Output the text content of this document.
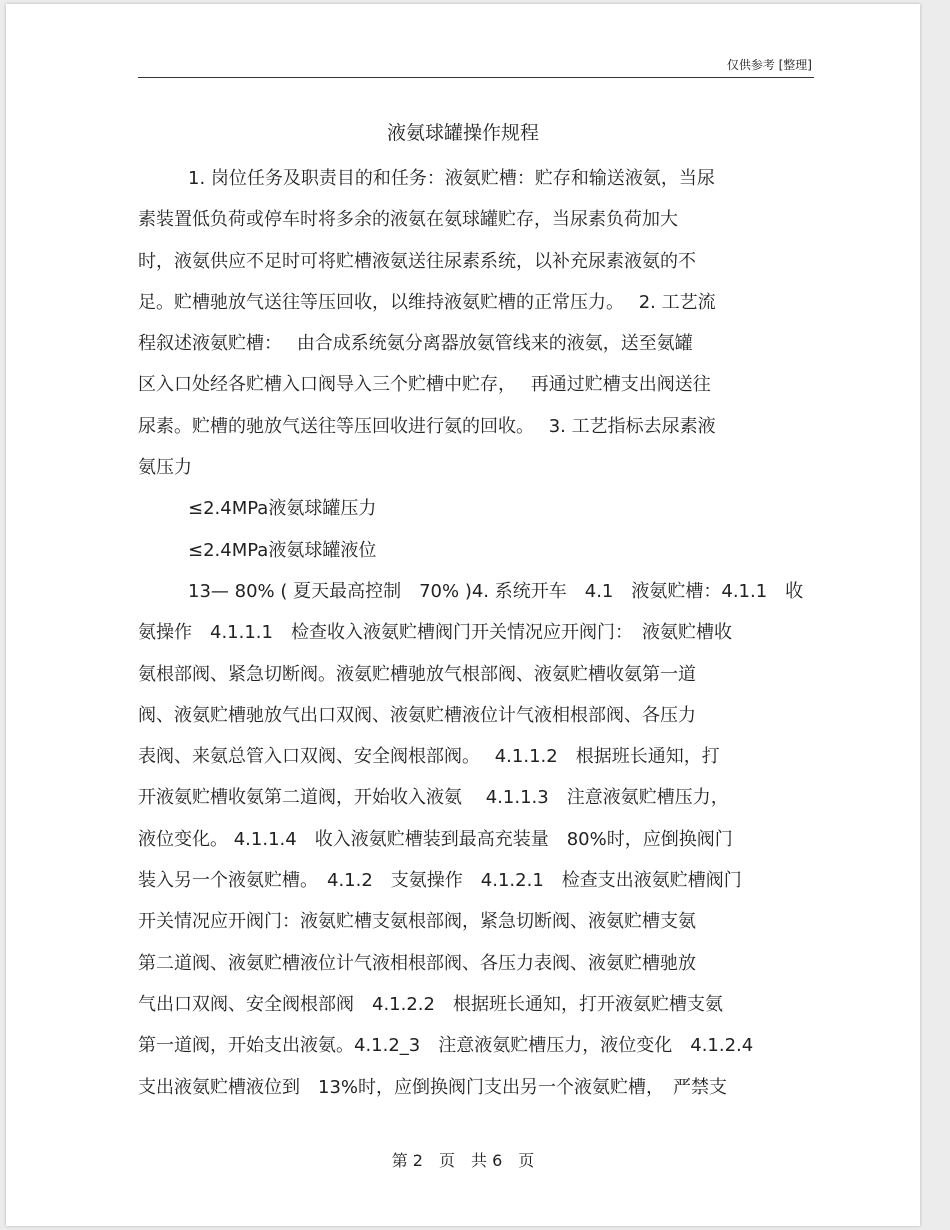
仅供参考 [整理]
液氨球罐操作规程
1. 岗位任务及职责目的和任务：液氨贮槽：贮存和输送液氨，当尿
素装置低负荷或停车时将多余的液氨在氨球罐贮存，当尿素负荷加大
时，液氨供应不足时可将贮槽液氨送往尿素系统，以补充尿素液氨的不
足。贮槽驰放气送往等压回收，以维持液氨贮槽的正常压力。　 2. 工艺流
程叙述液氨贮槽：　 由合成系统氨分离器放氨管线来的液氨，送至氨罐
区入口处经各贮槽入口阀导入三个贮槽中贮存，　 再通过贮槽支出阀送往
尿素。贮槽的驰放气送往等压回收进行氨的回收。　 3. 工艺指标去尿素液
氨压力
≤2.4MPa液氨球罐压力
≤2.4MPa液氨球罐液位
13— 80% ( 夏天最高控制　70% )4. 系统开车　4.1　液氨贮槽：4.1.1　收
氨操作　4.1.1.1　检查收入液氨贮槽阀门开关情况应开阀门：　液氨贮槽收
氨根部阀、紧急切断阀。液氨贮槽驰放气根部阀、液氨贮槽收氨第一道
阀、液氨贮槽驰放气出口双阀、液氨贮槽液位计气液相根部阀、各压力
表阀、来氨总管入口双阀、安全阀根部阀。　 4.1.1.2　根据班长通知，打
开液氨贮槽收氨第二道阀，开始收入液氨　 4.1.1.3　注意液氨贮槽压力，
液位变化。 4.1.1.4　收入液氨贮槽装到最高充装量　80%时，应倒换阀门
装入另一个液氨贮槽。　4.1.2　支氨操作　4.1.2.1　检查支出液氨贮槽阀门
开关情况应开阀门：液氨贮槽支氨根部阀，紧急切断阀、液氨贮槽支氨
第二道阀、液氨贮槽液位计气液相根部阀、各压力表阀、液氨贮槽驰放
气出口双阀、安全阀根部阀　4.1.2.2　根据班长通知，打开液氨贮槽支氨
第一道阀，开始支出液氨。4.1.2_3　注意液氨贮槽压力，液位变化　4.1.2.4
支出液氨贮槽液位到　13%时，应倒换阀门支出另一个液氨贮槽，　严禁支
第 2　页　共 6　页
